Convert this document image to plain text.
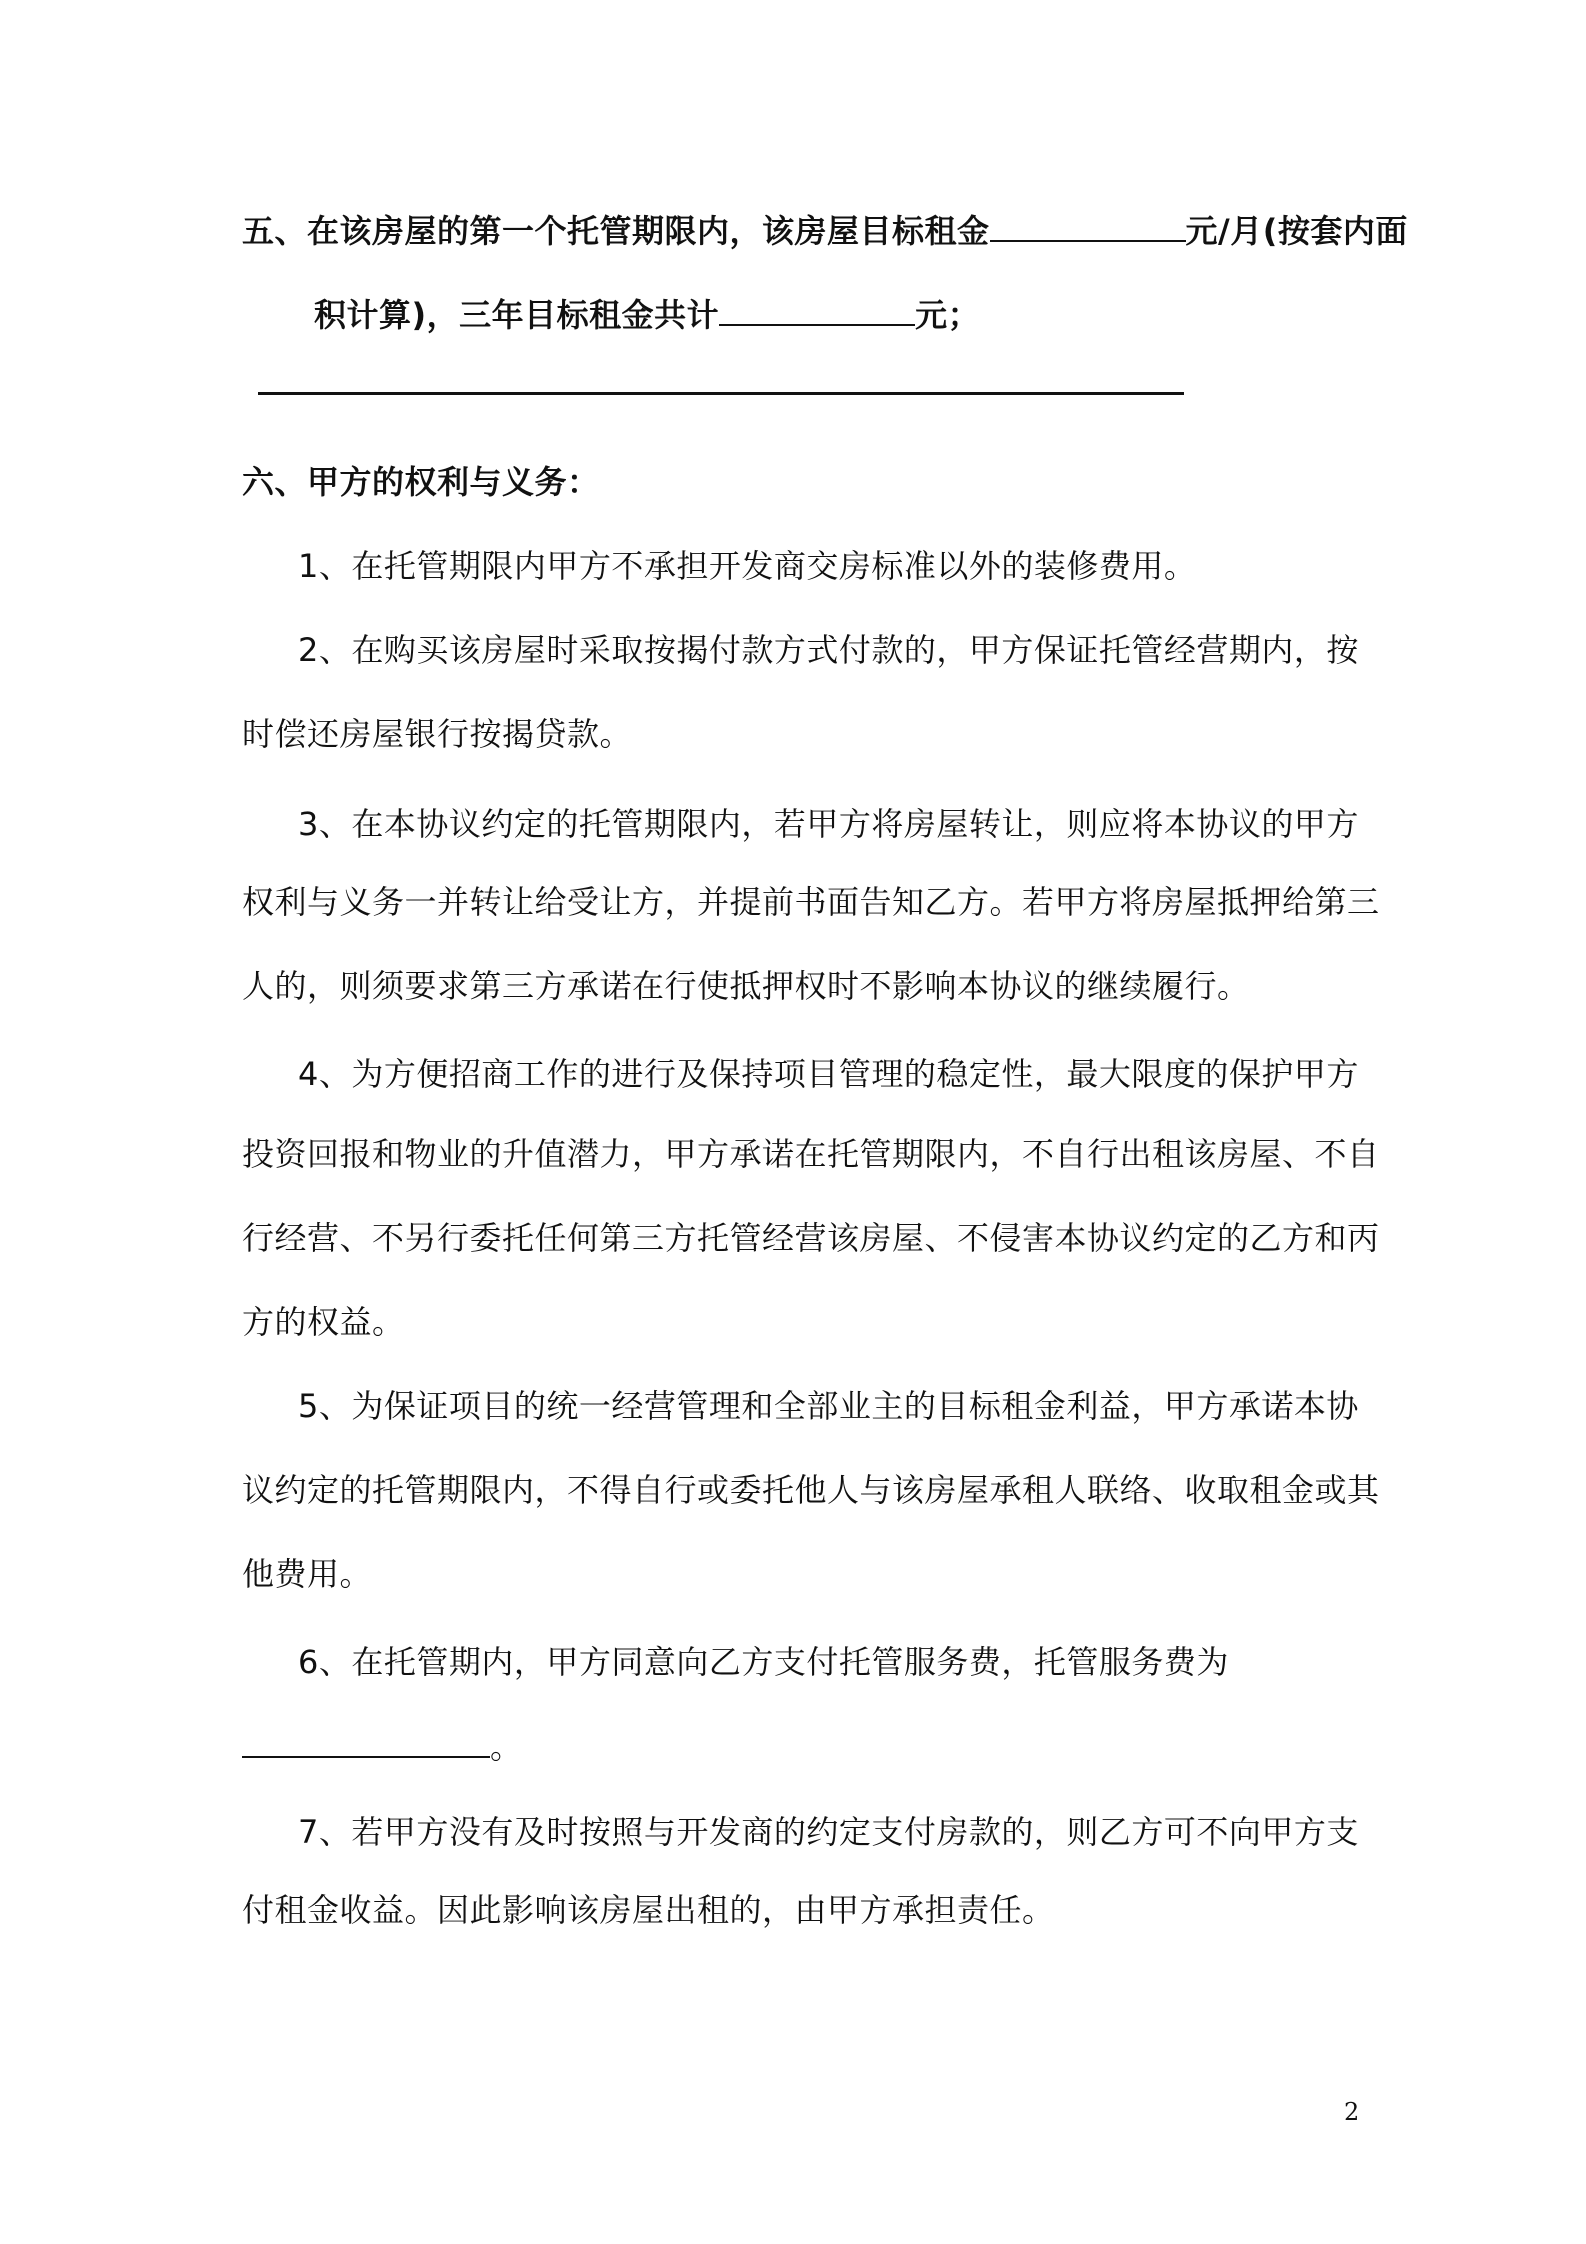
五、在该房屋的第一个托管期限内，该房屋目标租金	元/月(按套内面
积计算)，三年目标租金共计	元；
六、甲方的权利与义务：
1、在托管期限内甲方不承担开发商交房标准以外的装修费用。
2、在购买该房屋时采取按揭付款方式付款的，甲方保证托管经营期内，按
时偿还房屋银行按揭贷款。
3、在本协议约定的托管期限内，若甲方将房屋转让，则应将本协议的甲方
权利与义务一并转让给受让方，并提前书面告知乙方。若甲方将房屋抵押给第三
人的，则须要求第三方承诺在行使抵押权时不影响本协议的继续履行。
4、为方便招商工作的进行及保持项目管理的稳定性，最大限度的保护甲方
投资回报和物业的升值潜力，甲方承诺在托管期限内，不自行出租该房屋、不自
行经营、不另行委托任何第三方托管经营该房屋、不侵害本协议约定的乙方和丙
方的权益。
5、为保证项目的统一经营管理和全部业主的目标租金利益，甲方承诺本协
议约定的托管期限内，不得自行或委托他人与该房屋承租人联络、收取租金或其
他费用。
6、在托管期内，甲方同意向乙方支付托管服务费，托管服务费为
。
7、若甲方没有及时按照与开发商的约定支付房款的，则乙方可不向甲方支
付租金收益。因此影响该房屋出租的，由甲方承担责任。
2
